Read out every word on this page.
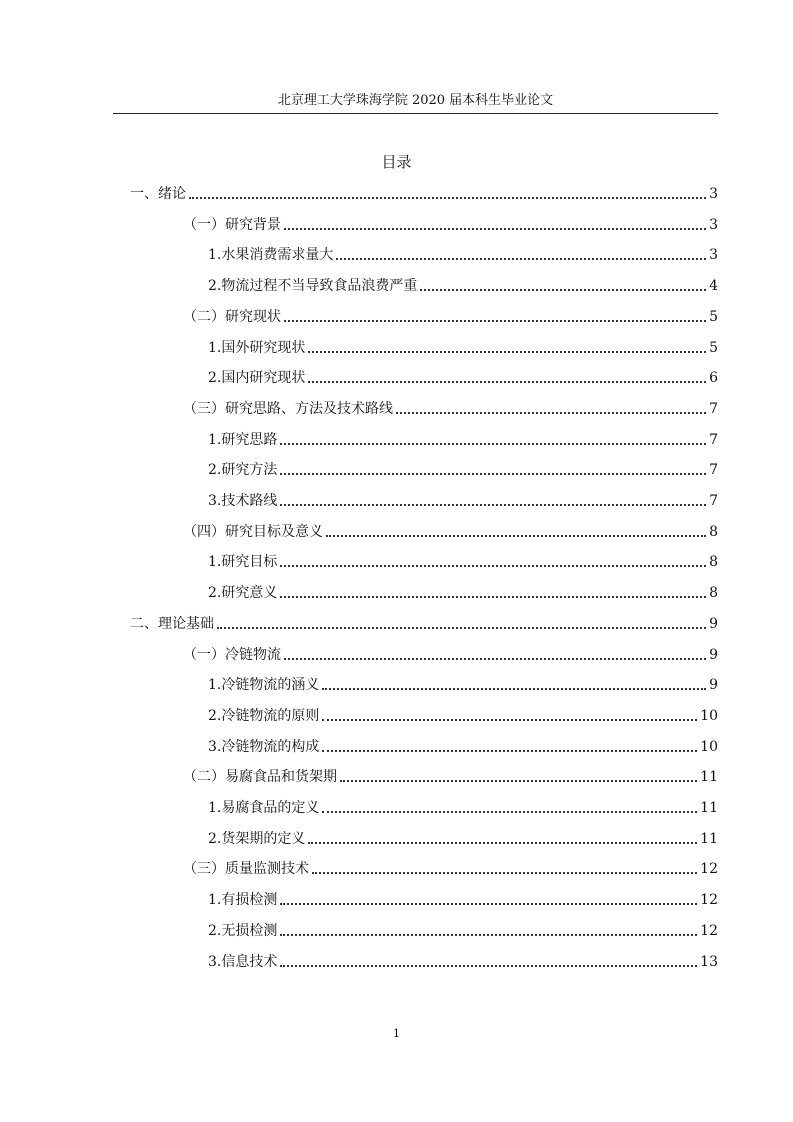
北京理工大学珠海学院 2020 届本科生毕业论文
目录
一、绪论	3
（一）研究背景	3
1.水果消费需求量大	3
2.物流过程不当导致食品浪费严重	4
（二）研究现状	5
1.国外研究现状	5
2.国内研究现状	6
（三）研究思路、方法及技术路线	7
1.研究思路	7
2.研究方法	7
3.技术路线	7
（四）研究目标及意义	8
1.研究目标	8
2.研究意义	8
二、理论基础	9
（一）冷链物流	9
1.冷链物流的涵义	9
2.冷链物流的原则	10
3.冷链物流的构成	10
（二）易腐食品和货架期	11
1.易腐食品的定义	11
2.货架期的定义	11
（三）质量监测技术	12
1.有损检测	12
2.无损检测	12
3.信息技术	13
1
